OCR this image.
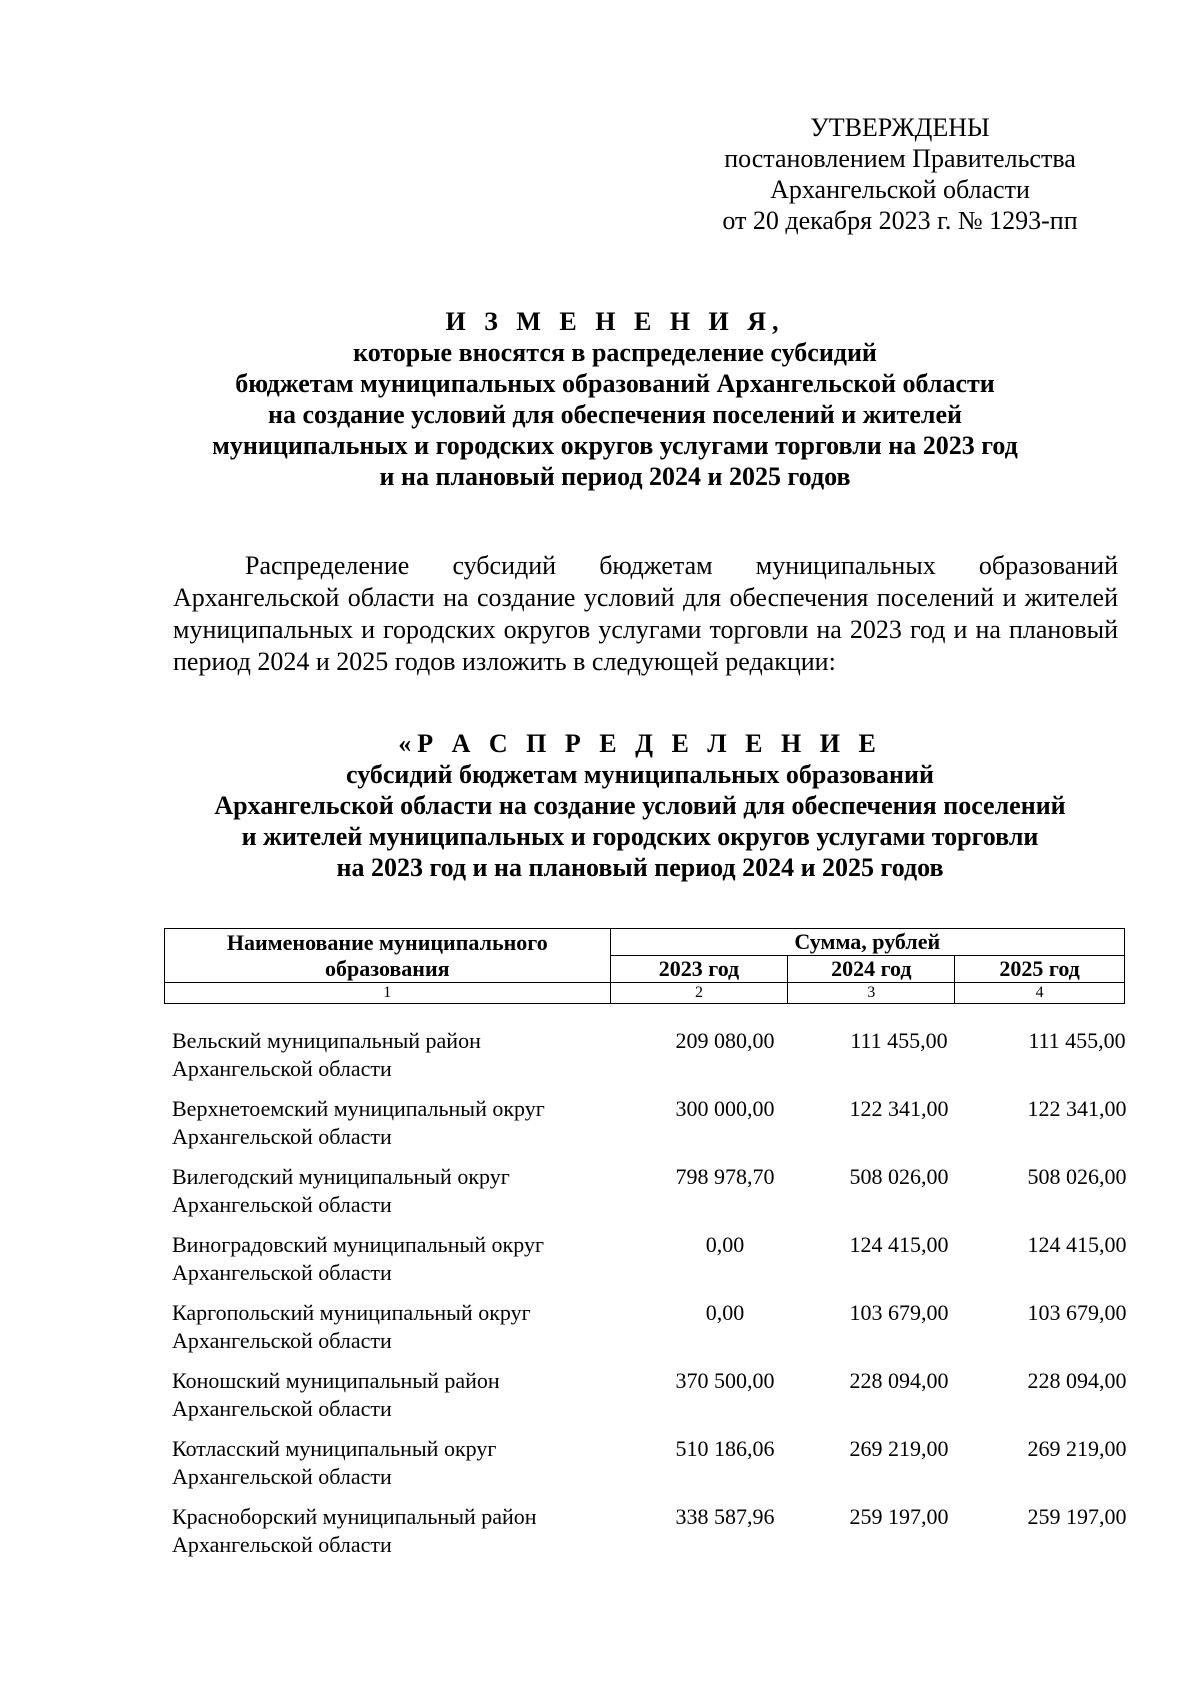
УТВЕРЖДЕНЫ
постановлением Правительства
Архангельской области
от 20 декабря 2023 г. № 1293-пп
И З М Е Н Е Н И Я,
которые вносятся в распределение субсидий
бюджетам муниципальных образований Архангельской области
на создание условий для обеспечения поселений и жителей
муниципальных и городских округов услугами торговли на 2023 год
и на плановый период 2024 и 2025 годов
Распределение субсидий бюджетам муниципальных образований Архангельской области на создание условий для обеспечения поселений и жителей муниципальных и городских округов услугами торговли на 2023 год и на плановый период 2024 и 2025 годов изложить в следующей редакции:
«Р А С П Р Е Д Е Л Е Н И Е
субсидий бюджетам муниципальных образований
Архангельской области на создание условий для обеспечения поселений
и жителей муниципальных и городских округов услугами торговли
на 2023 год и на плановый период 2024 и 2025 годов
Наименование муниципального образования	Сумма, рублей		
	2023 год	2024 год	2025 год
1	2	3	4
Вельский муниципальный район Архангельской области
209 080,00	111 455,00	111 455,00
Верхнетоемский муниципальный округ Архангельской области
300 000,00	122 341,00	122 341,00
Вилегодский муниципальный округ Архангельской области
798 978,70	508 026,00	508 026,00
Виноградовский муниципальный округ Архангельской области
0,00	124 415,00	124 415,00
Каргопольский муниципальный округ Архангельской области
0,00	103 679,00	103 679,00
Коношский муниципальный район Архангельской области
370 500,00	228 094,00	228 094,00
Котласский муниципальный округ Архангельской области
510 186,06	269 219,00	269 219,00
Красноборский муниципальный район Архангельской области
338 587,96	259 197,00	259 197,00
